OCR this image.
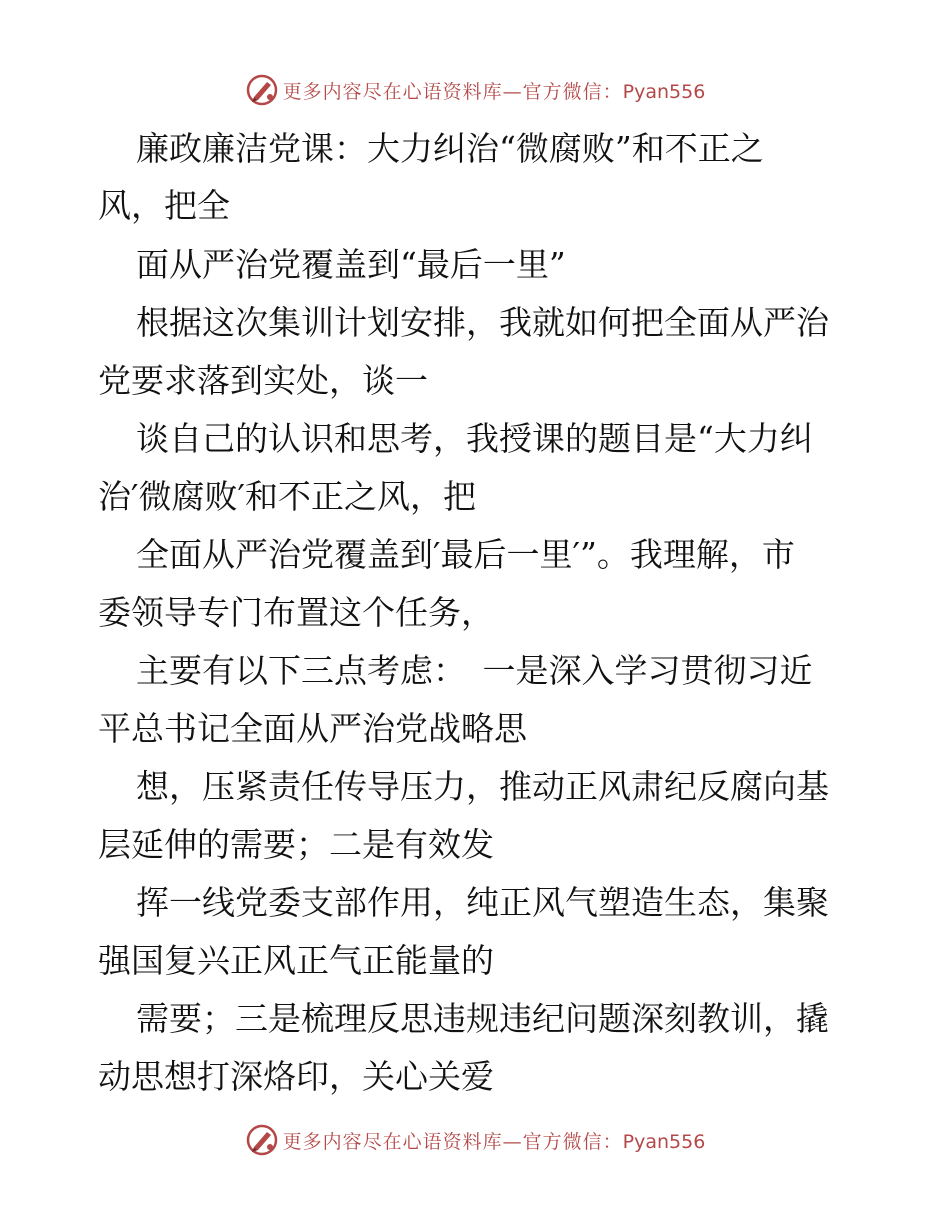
更多内容尽在心语资料库—官方微信：Pyan556
廉政廉洁党课：大力纠治“微腐败”和不正之
风，把全
面从严治党覆盖到“最后一里”
根据这次集训计划安排，我就如何把全面从严治
党要求落到实处，谈一
谈自己的认识和思考，我授课的题目是“大力纠
治′微腐败′和不正之风，把
全面从严治党覆盖到′最后一里′”。我理解，市
委领导专门布置这个任务，
主要有以下三点考虑：　一是深入学习贯彻习近
平总书记全面从严治党战略思
想，压紧责任传导压力，推动正风肃纪反腐向基
层延伸的需要；二是有效发
挥一线党委支部作用，纯正风气塑造生态，集聚
强国复兴正风正气正能量的
需要；三是梳理反思违规违纪问题深刻教训，撬
动思想打深烙印，关心关爱
更多内容尽在心语资料库—官方微信：Pyan556
